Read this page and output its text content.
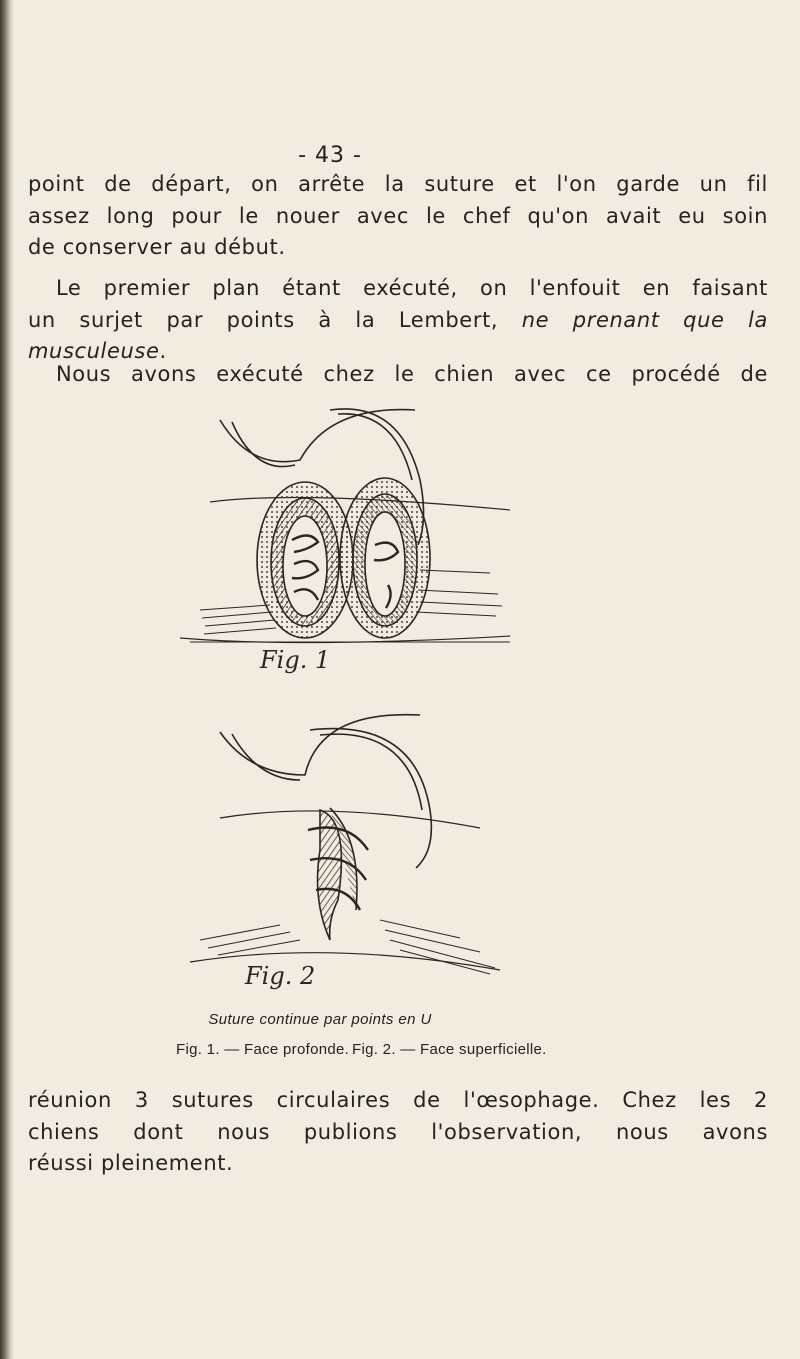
- 43 -

point de départ, on arrête la suture et l'on garde un fil
assez long pour le nouer avec le chef qu'on avait eu soin
de conserver au début.

Le premier plan étant exécuté, on l'enfouit en faisant
un surjet par points à la Lembert, ne prenant que la
musculeuse.

Nous avons exécuté chez le chien avec ce procédé de

Fig. 1
Fig. 2
Suture continue par points en U
Fig. 1. — Face profonde. Fig. 2. — Face superficielle.

réunion 3 sutures circulaires de l'œsophage. Chez les 2
chiens dont nous publions l'observation, nous avons
réussi pleinement.
